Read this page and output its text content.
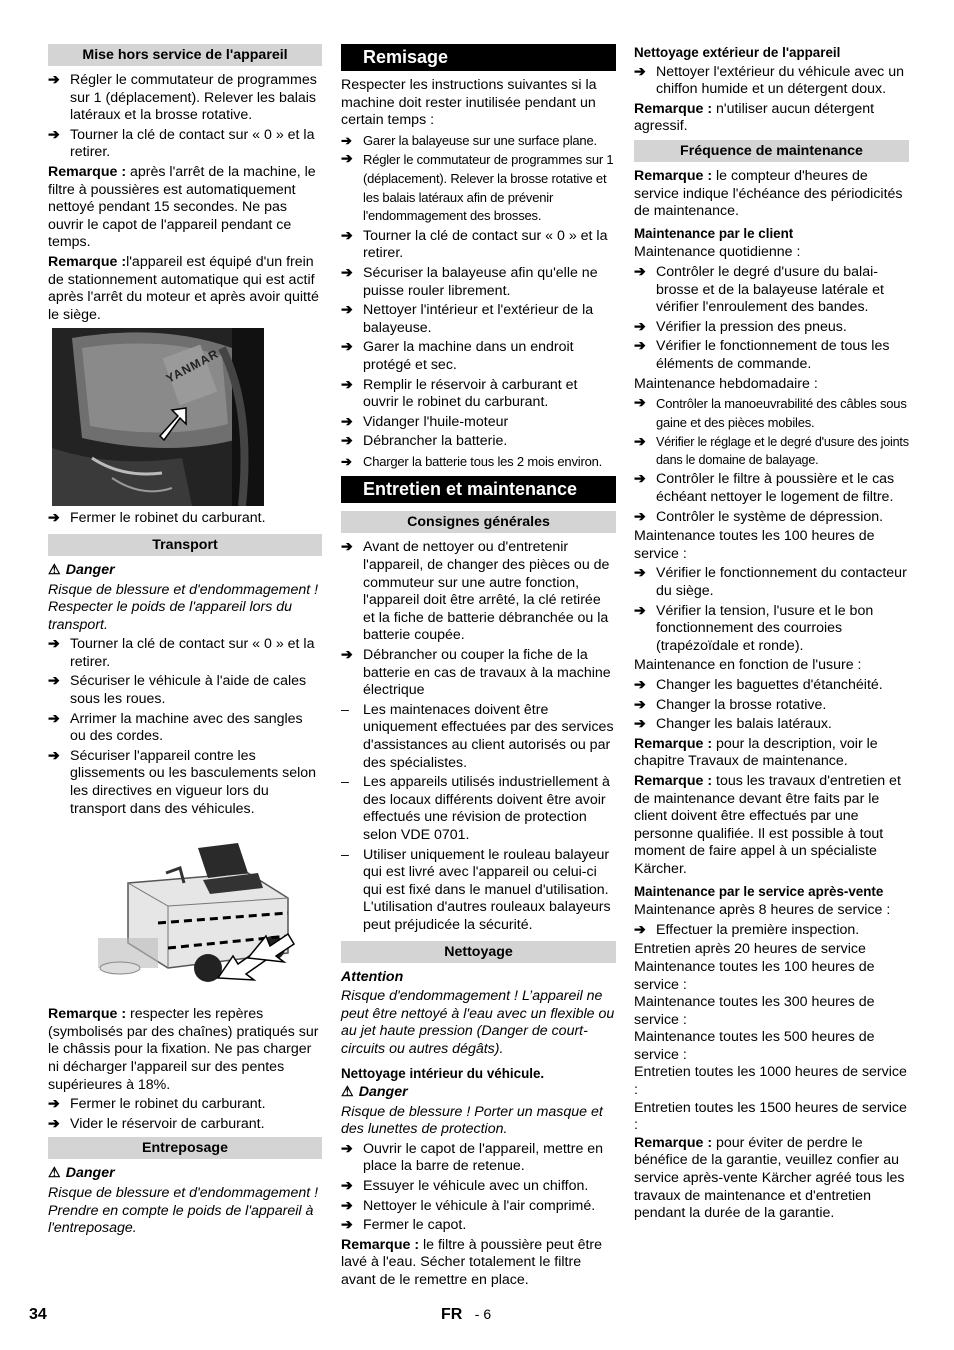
Mise hors service de l'appareil
➔ Régler le commutateur de programmes sur 1 (déplacement). Relever les balais latéraux et la brosse rotative.
➔ Tourner la clé de contact sur « 0 » et la retirer.

Remarque : après l'arrêt de la machine, le filtre à poussières est automatiquement nettoyé pendant 15 secondes. Ne pas ouvrir le capot de l'appareil pendant ce temps.

Remarque :l'appareil est équipé d'un frein de stationnement automatique qui est actif après l'arrêt du moteur et après avoir quitté le siège.

YANMAR
➔ Fermer le robinet du carburant.
Transport

⚠ Danger

Risque de blessure et d'endommagement ! Respecter le poids de l'appareil lors du transport.

➔ Tourner la clé de contact sur « 0 » et la retirer.
➔ Sécuriser le véhicule à l'aide de cales sous les roues.
➔ Arrimer la machine avec des sangles ou des cordes.
➔ Sécuriser l'appareil contre les glissements ou les basculements selon les directives en vigueur lors du transport dans des véhicules.

Remarque : respecter les repères (symbolisés par des chaînes) pratiqués sur le châssis pour la fixation. Ne pas charger ni décharger l'appareil sur des pentes supérieures à 18%.

➔ Fermer le robinet du carburant.
➔ Vider le réservoir de carburant.
Entreposage

⚠ Danger

Risque de blessure et d'endommagement ! Prendre en compte le poids de l'appareil à l'entreposage.

Remisage

Respecter les instructions suivantes si la machine doit rester inutilisée pendant un certain temps :

➔ Garer la balayeuse sur une surface plane.
➔ Régler le commutateur de programmes sur 1 (déplacement). Relever la brosse rotative et les balais latéraux afin de prévenir l'endommagement des brosses.
➔ Tourner la clé de contact sur « 0 » et la retirer.
➔ Sécuriser la balayeuse afin qu'elle ne puisse rouler librement.
➔ Nettoyer l'intérieur et l'extérieur de la balayeuse.
➔ Garer la machine dans un endroit protégé et sec.
➔ Remplir le réservoir à carburant et ouvrir le robinet du carburant.
➔ Vidanger l'huile-moteur
➔ Débrancher la batterie.
➔ Charger la batterie tous les 2 mois environ.
Entretien et maintenance
Consignes générales
➔ Avant de nettoyer ou d'entretenir l'appareil, de changer des pièces ou de commuteur sur une autre fonction, l'appareil doit être arrêté, la clé retirée et la fiche de batterie débranchée ou la batterie coupée.
➔ Débrancher ou couper la fiche de la batterie en cas de travaux à la machine électrique
– Les maintenaces doivent être uniquement effectuées par des services d'assistances au client autorisés ou par des spécialistes.
– Les appareils utilisés industriellement à des locaux différents doivent être avoir effectués une révision de protection selon VDE 0701.
– Utiliser uniquement le rouleau balayeur qui est livré avec l'appareil ou celui-ci qui est fixé dans le manuel d'utilisation. L'utilisation d'autres rouleaux balayeurs peut préjudicée la sécurité.
Nettoyage

Attention

Risque d'endommagement ! L’appareil ne peut être nettoyé à l'eau avec un flexible ou au jet haute pression (Danger de court-circuits ou autres dégâts).

Nettoyage intérieur du véhicule.

⚠ Danger

Risque de blessure ! Porter un masque et des lunettes de protection.

➔ Ouvrir le capot de l'appareil, mettre en place la barre de retenue.
➔ Essuyer le véhicule avec un chiffon.
➔ Nettoyer le véhicule à l'air comprimé.
➔ Fermer le capot.

Remarque : le filtre à poussière peut être lavé à l'eau. Sécher totalement le filtre avant de le remettre en place.

Nettoyage extérieur de l'appareil

➔ Nettoyer l'extérieur du véhicule avec un chiffon humide et un détergent doux.

Remarque : n'utiliser aucun détergent agressif.

Fréquence de maintenance

Remarque : le compteur d'heures de service indique l'échéance des périodicités de maintenance.

Maintenance par le client

Maintenance quotidienne :

➔ Contrôler le degré d'usure du balai-brosse et de la balayeuse latérale et vérifier l'enroulement des bandes.
➔ Vérifier la pression des pneus.
➔ Vérifier le fonctionnement de tous les éléments de commande.

Maintenance hebdomadaire :

➔ Contrôler la manoeuvrabilité des câbles sous gaine et des pièces mobiles.
➔ Vérifier le réglage et le degré d'usure des joints dans le domaine de balayage.
➔ Contrôler le filtre à poussière et le cas échéant nettoyer le logement de filtre.
➔ Contrôler le système de dépression.

Maintenance toutes les 100 heures de service :

➔ Vérifier le fonctionnement du contacteur du siège.
➔ Vérifier la tension, l'usure et le bon fonctionnement des courroies (trapézoïdale et ronde).

Maintenance en fonction de l'usure :

➔ Changer les baguettes d'étanchéité.
➔ Changer la brosse rotative.
➔ Changer les balais latéraux.

Remarque : pour la description, voir le chapitre Travaux de maintenance.

Remarque : tous les travaux d'entretien et de maintenance devant être faits par le client doivent être effectués par une personne qualifiée. Il est possible à tout moment de faire appel à un spécialiste Kärcher.

Maintenance par le service après-vente

Maintenance après 8 heures de service :

➔ Effectuer la première inspection.

Entretien après 20 heures de service

Maintenance toutes les 100 heures de service :

Maintenance toutes les 300 heures de service :

Maintenance toutes les 500 heures de service :

Entretien toutes les 1000 heures de service :

Entretien toutes les 1500 heures de service :

Remarque : pour éviter de perdre le bénéfice de la garantie, veuillez confier au service après-vente Kärcher agréé tous les travaux de maintenance et d'entretien pendant la durée de la garantie.

34	FR - 6
